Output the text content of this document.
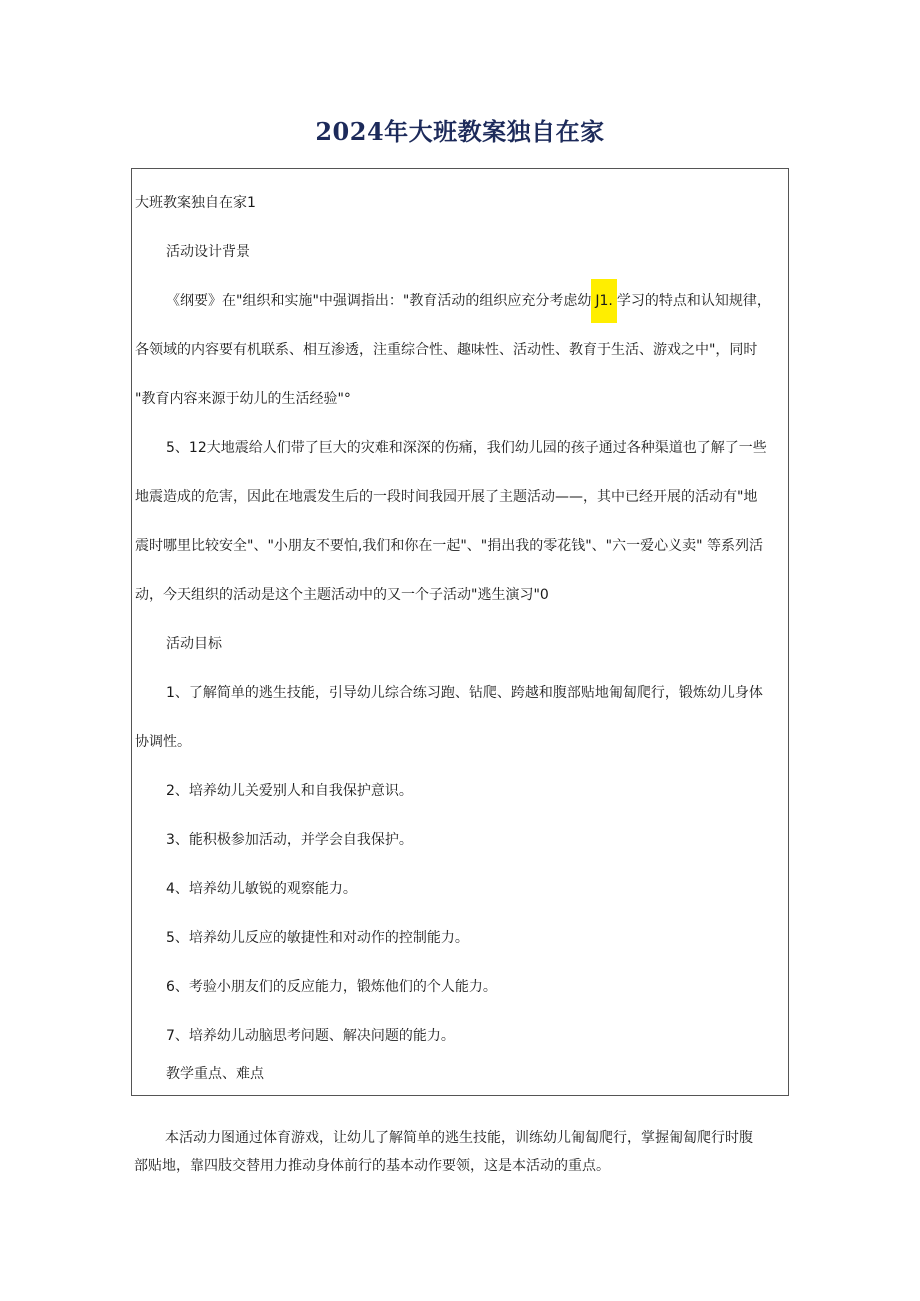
2024年大班教案独自在家
大班教案独自在家1
活动设计背景
《纲要》在"组织和实施"中强调指出："教育活动的组织应充分考虑幼 J1. 学习的特点和认知规律，
各领域的内容要有机联系、相互渗透，注重综合性、趣味性、活动性、教育于生活、游戏之中"，同时
"教育内容来源于幼儿的生活经验"°
5、12大地震给人们带了巨大的灾难和深深的伤痛，我们幼儿园的孩子通过各种渠道也了解了一些
地震造成的危害，因此在地震发生后的一段时间我园开展了主题活动——，其中已经开展的活动有"地
震时哪里比较安全"、"小朋友不要怕,我们和你在一起"、"捐出我的零花钱"、"六一爱心义卖" 等系列活
动，今天组织的活动是这个主题活动中的又一个子活动"逃生演习"0
活动目标
1、了解简单的逃生技能，引导幼儿综合练习跑、钻爬、跨越和腹部贴地匍匐爬行，锻炼幼儿身体
协调性。
2、培养幼儿关爱别人和自我保护意识。
3、能积极参加活动，并学会自我保护。
4、培养幼儿敏锐的观察能力。
5、培养幼儿反应的敏捷性和对动作的控制能力。
6、考验小朋友们的反应能力，锻炼他们的个人能力。
7、培养幼儿动脑思考问题、解决问题的能力。
教学重点、难点
本活动力图通过体育游戏，让幼儿了解简单的逃生技能，训练幼儿匍匐爬行，掌握匍匐爬行时腹
部贴地，靠四肢交替用力推动身体前行的基本动作要领，这是本活动的重点。
